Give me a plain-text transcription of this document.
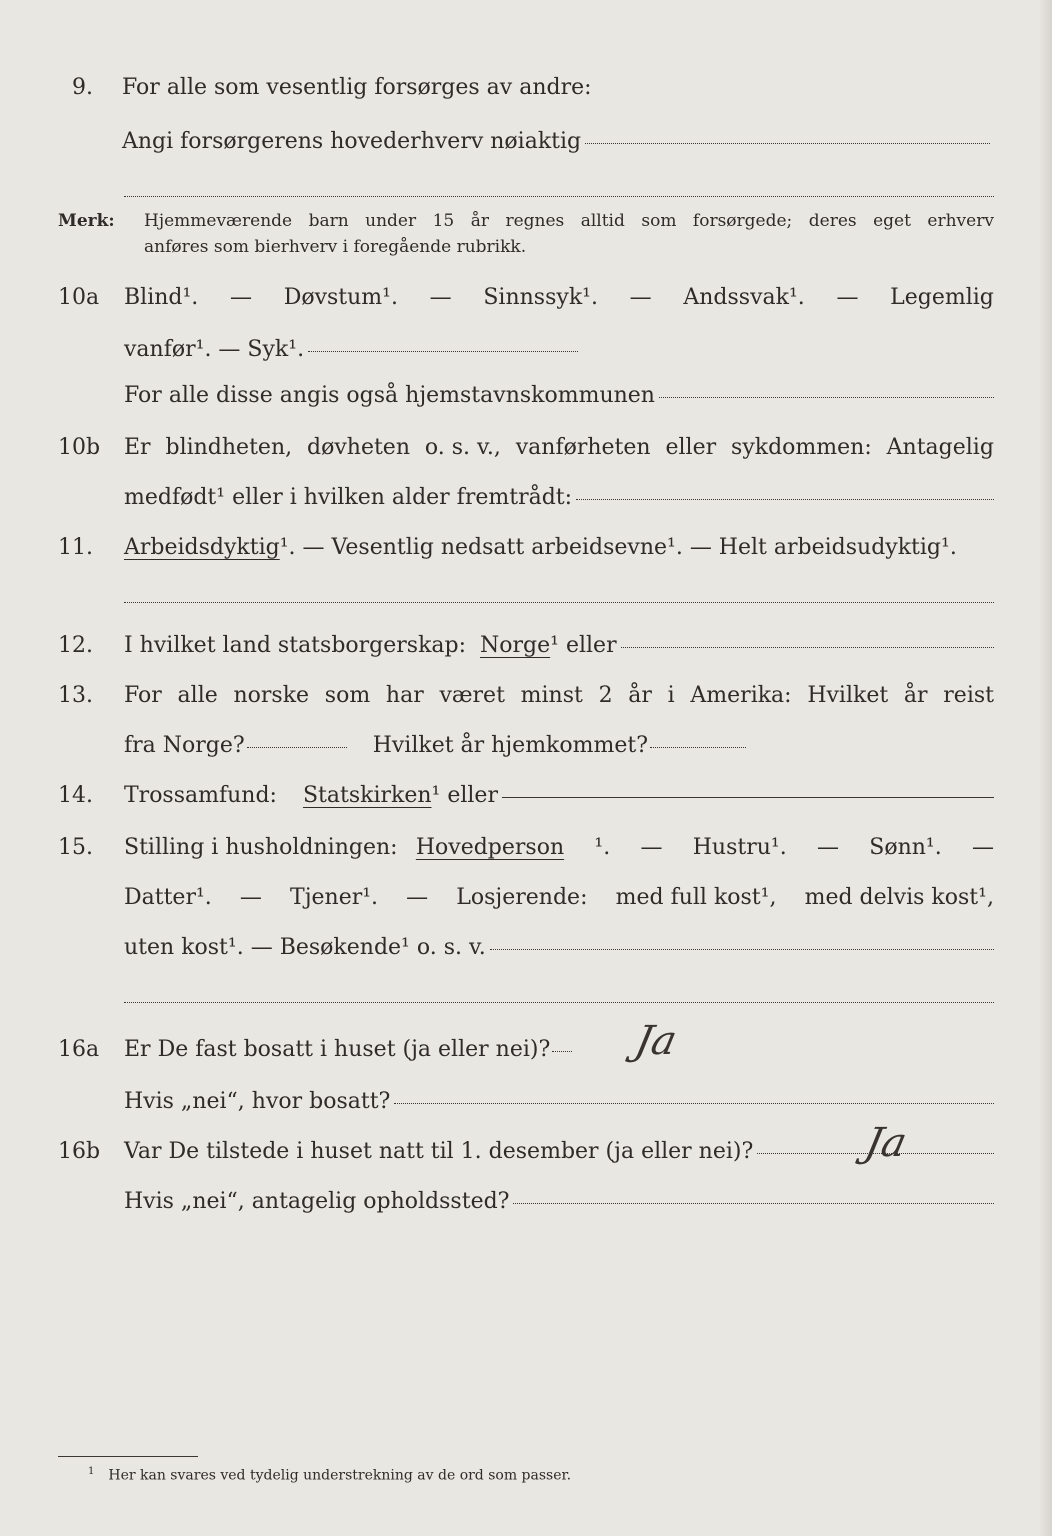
9. For alle som vesentlig forsørges av andre:
Angi forsørgerens hovederhverv nøiaktig
Merk: Hjemmeværende barn under 15 år regnes alltid som forsørgede; deres eget erhverv
anføres som bierhverv i foregående rubrikk.
10a Blind¹. — Døvstum¹. — Sinnssyk¹. — Andssvak¹. — Legemlig
vanfør¹. — Syk¹.
For alle disse angis også hjemstavnskommunen
10b Er blindheten, døvheten o. s. v., vanførheten eller sykdommen: Antagelig
medfødt¹ eller i hvilken alder fremtrådt:
11. Arbeidsdyktig ¹. — Vesentlig nedsatt arbeidsevne¹. — Helt arbeidsudyktig¹.
12. I hvilket land statsborgerskap: Norge ¹ eller
13. For alle norske som har været minst 2 år i Amerika: Hvilket år reist
fra Norge?	Hvilket år hjemkommet?
14. Trossamfund: Statskirken ¹ eller
15. Stilling i husholdningen: Hovedperson ¹. — Hustru¹. — Sønn¹. —
Datter¹. — Tjener¹. — Losjerende: med full kost¹, med delvis kost¹,
uten kost¹. — Besøkende¹ o. s. v.
16a Er De fast bosatt i huset (ja eller nei)? Ja
Hvis „nei“, hvor bosatt?
16b Var De tilstede i huset natt til 1. desember (ja eller nei)?	Ja
Hvis „nei“, antagelig opholdssted?
$^1$ Her kan svares ved tydelig understrekning av de ord som passer.
